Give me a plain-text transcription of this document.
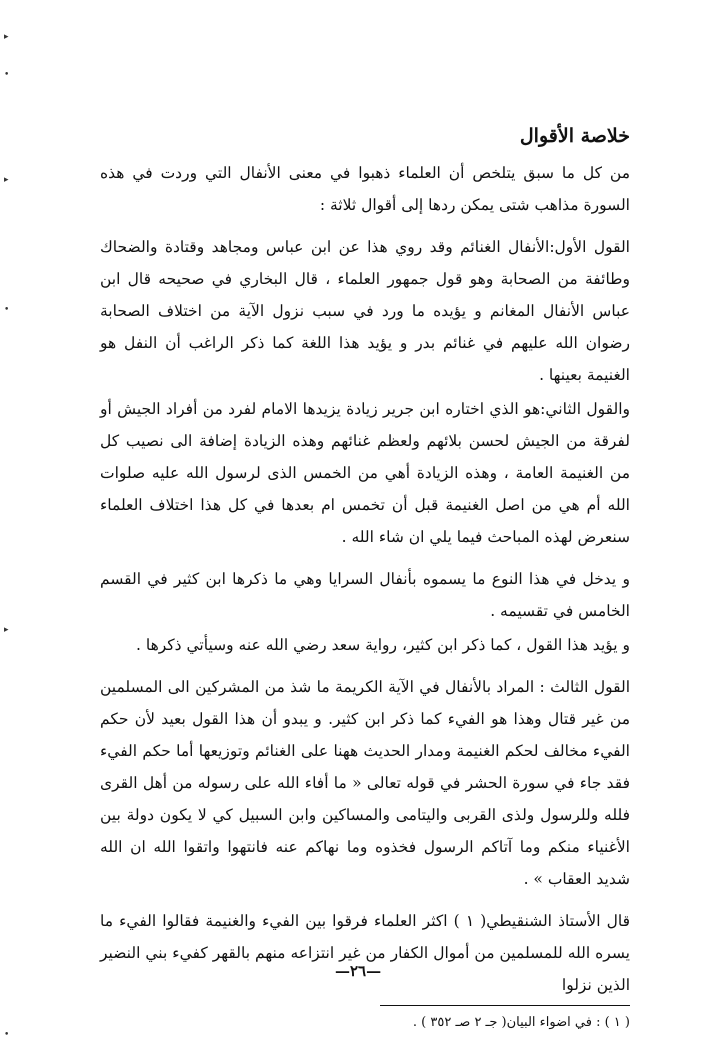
▸
•
▸
•
▸
•
خلاصة الأقوال

من كل ما سبق يتلخص أن العلماء ذهبوا في معنى الأنفال التي وردت في هذه السورة مذاهب شتى يمكن ردها إلى أقوال ثلاثة :

القول الأول:الأنفال الغنائم وقد روي هذا عن ابن عباس ومجاهد وقتادة والضحاك وطائفة من الصحابة وهو قول جمهور العلماء ، قال البخاري في صحيحه قال ابن عباس الأنفال المغانم و يؤيده ما ورد في سبب نزول الآية من اختلاف الصحابة رضوان الله عليهم في غنائم بدر و يؤيد هذا اللغة كما ذكر الراغب أن النفل هو الغنيمة بعينها .

والقول الثاني:هو الذي اختاره ابن جرير زيادة يزيدها الامام لفرد من أفراد الجيش أو لفرقة من الجيش لحسن بلائهم ولعظم غنائهم وهذه الزيادة إضافة الى نصيب كل من الغنيمة العامة ، وهذه الزيادة أهي من الخمس الذى لرسول الله عليه صلوات الله أم هي من اصل الغنيمة قبل أن تخمس ام بعدها في كل هذا اختلاف العلماء سنعرض لهذه المباحث فيما يلي ان شاء الله .

و يدخل في هذا النوع ما يسموه بأنفال السرايا وهي ما ذكرها ابن كثير في القسم الخامس في تقسيمه .

و يؤيد هذا القول ، كما ذكر ابن كثير، رواية سعد رضي الله عنه وسيأتي ذكرها .

القول الثالث : المراد بالأنفال في الآية الكريمة ما شذ من المشركين الى المسلمين من غير قتال وهذا هو الفيء كما ذكر ابن كثير. و يبدو أن هذا القول بعيد لأن حكم الفيء مخالف لحكم الغنيمة ومدار الحديث ههنا على الغنائم وتوزيعها أما حكم الفيء فقد جاء في سورة الحشر في قوله تعالى « ما أفاء الله على رسوله من أهل القرى فلله وللرسول ولذى القربى واليتامى والمساكين وابن السبيل كي لا يكون دولة بين الأغنياء منكم وما آتاكم الرسول فخذوه وما نهاكم عنه فانتهوا واتقوا الله ان الله شديد العقاب » .

قال الأستاذ الشنقيطي( ١ ) اكثر العلماء فرقوا بين الفيء والغنيمة فقالوا الفيء ما يسره الله للمسلمين من أموال الكفار من غير انتزاعه منهم بالقهر كفيء بني النضير الذين نزلوا

( ١ ) : في اضواء البيان( جـ ٢ صـ ٣٥٢ ) .

—٢٦—
